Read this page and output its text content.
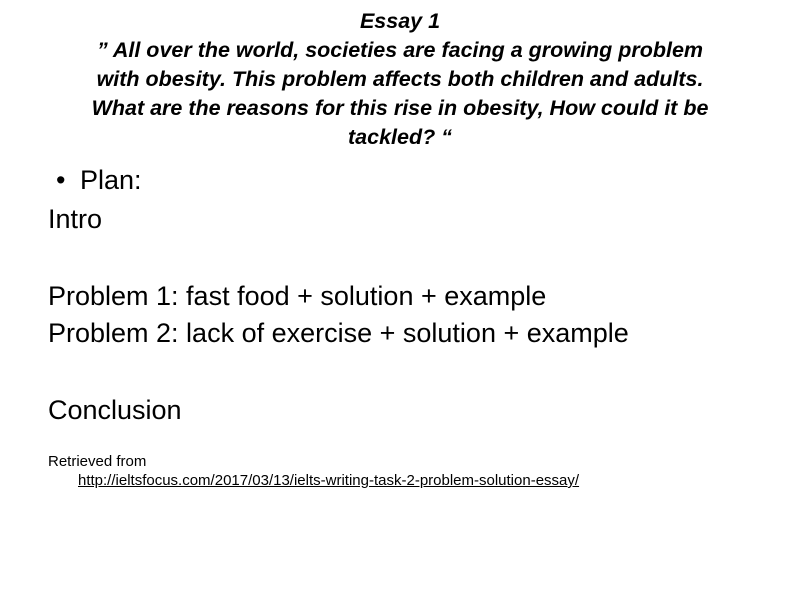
Essay 1
” All over the world, societies are facing a growing problem
with obesity. This problem affects both children and adults.
What are the reasons for this rise in obesity, How could it be
tackled? “
• Plan:
Intro
Problem 1: fast food + solution + example
Problem 2: lack of exercise + solution + example
Conclusion
Retrieved from
http://ieltsfocus.com/2017/03/13/ielts-writing-task-2-problem-solution-essay/
